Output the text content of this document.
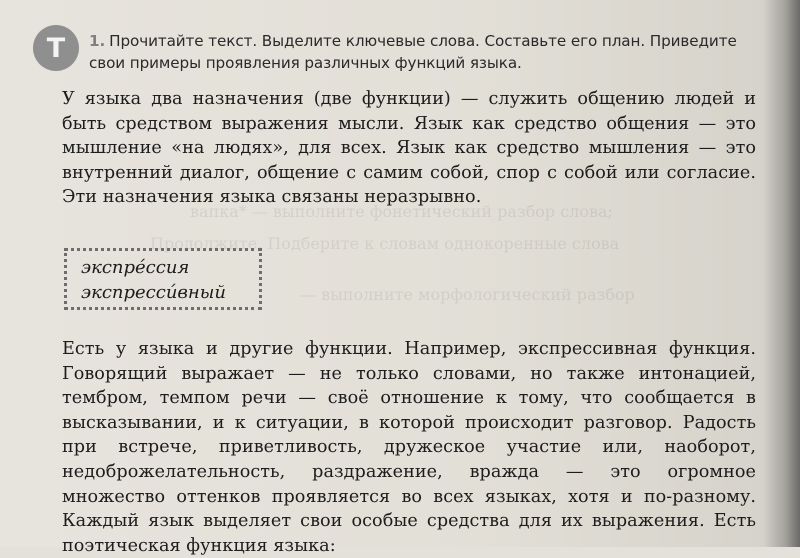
вапка* — выполните фонетический разбор слова;
Продолжите. Подберите к словам однокоренные слова
— выполните морфологический разбор
Т 1. Прочитайте текст. Выделите ключевые слова. Составьте его план. Приведите свои примеры проявления различных функций языка.

У языка два назначения (две функции) — служить общению людей и быть средством выражения мысли. Язык как средство общения — это мышление «на людях», для всех. Язык как средство мышления — это внутренний диалог, общение с самим собой, спор с собой или согласие. Эти назначения языка связаны неразрывно.

экспре́ссия
экспресси́вный

Есть у языка и другие функции. Например, экспрессивная функция. Говорящий выражает — не только словами, но также интонацией, тембром, темпом речи — своё отношение к тому, что сообщается в высказывании, и к ситуации, в которой происходит разговор. Радость при встрече, приветливость, дружеское участие или, наоборот, недоброжелательность, раздражение, вражда — это огромное множество оттенков проявляется во всех языках, хотя и по-разному. Каждый язык выделяет свои особые средства для их выражения. Есть поэтическая функция языка:
